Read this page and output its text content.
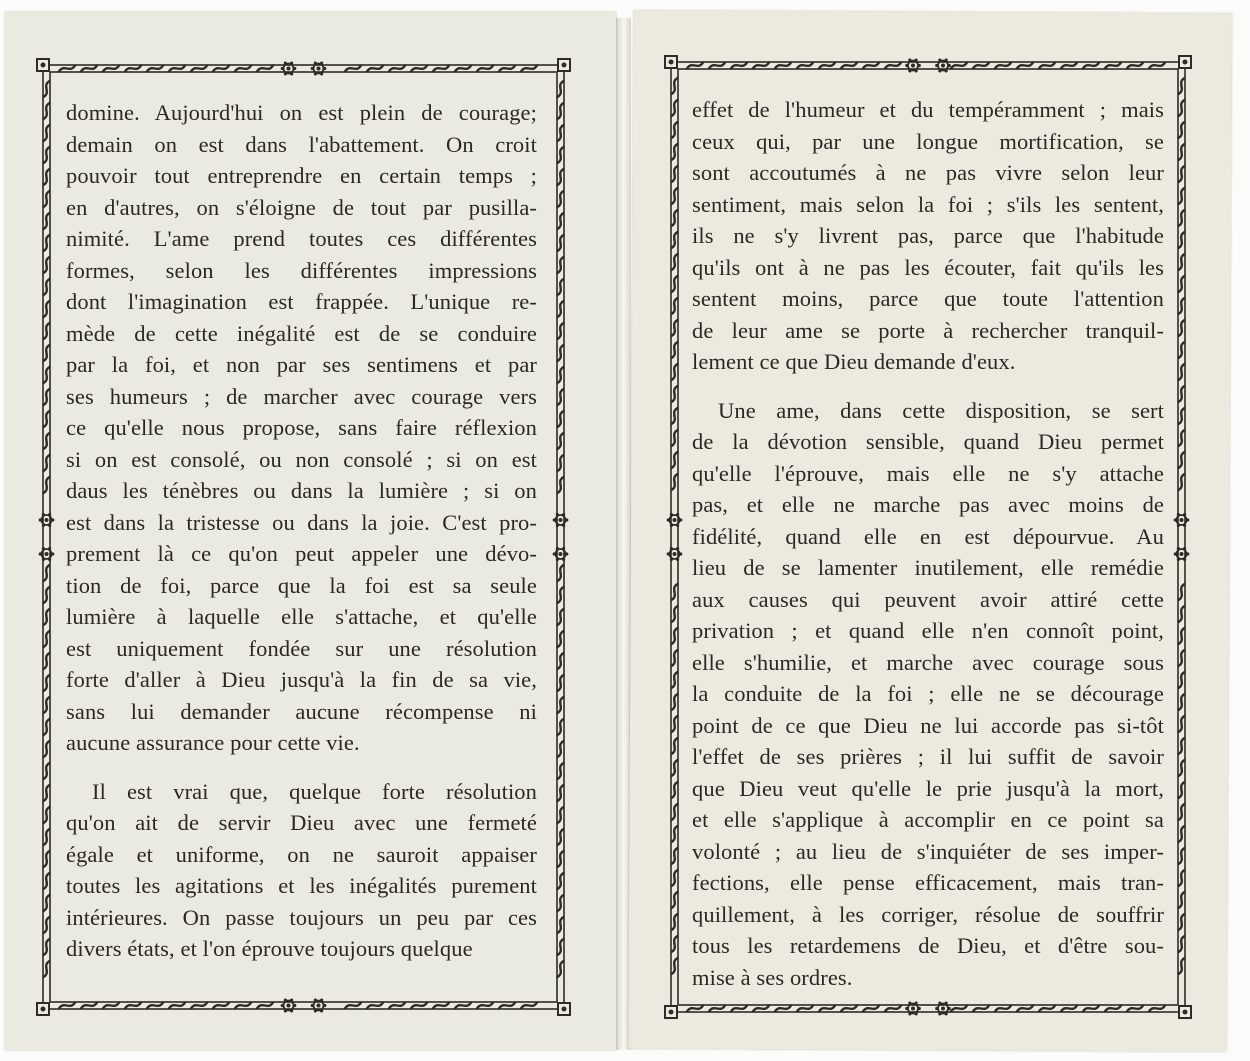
domine. Aujourd'hui on est plein de courage;
demain on est dans l'abattement. On croit
pouvoir tout entreprendre en certain temps ;
en d'autres, on s'éloigne de tout par pusilla-
nimité. L'ame prend toutes ces différentes
formes, selon les différentes impressions
dont l'imagination est frappée. L'unique re-
mède de cette inégalité est de se conduire
par la foi, et non par ses sentimens et par
ses humeurs ; de marcher avec courage vers
ce qu'elle nous propose, sans faire réflexion
si on est consolé, ou non consolé ; si on est
daus les ténèbres ou dans la lumière ; si on
est dans la tristesse ou dans la joie. C'est pro-
prement là ce qu'on peut appeler une dévo-
tion de foi, parce que la foi est sa seule
lumière à laquelle elle s'attache, et qu'elle
est uniquement fondée sur une résolution
forte d'aller à Dieu jusqu'à la fin de sa vie,
sans lui demander aucune récompense ni
aucune assurance pour cette vie.
Il est vrai que, quelque forte résolution
qu'on ait de servir Dieu avec une fermeté
égale et uniforme, on ne sauroit appaiser
toutes les agitations et les inégalités purement
intérieures. On passe toujours un peu par ces
divers états, et l'on éprouve toujours quelque
effet de l'humeur et du tempéramment ; mais
ceux qui, par une longue mortification, se
sont accoutumés à ne pas vivre selon leur
sentiment, mais selon la foi ; s'ils les sentent,
ils ne s'y livrent pas, parce que l'habitude
qu'ils ont à ne pas les écouter, fait qu'ils les
sentent moins, parce que toute l'attention
de leur ame se porte à rechercher tranquil-
lement ce que Dieu demande d'eux.
Une ame, dans cette disposition, se sert
de la dévotion sensible, quand Dieu permet
qu'elle l'éprouve, mais elle ne s'y attache
pas, et elle ne marche pas avec moins de
fidélité, quand elle en est dépourvue. Au
lieu de se lamenter inutilement, elle remédie
aux causes qui peuvent avoir attiré cette
privation ; et quand elle n'en connoît point,
elle s'humilie, et marche avec courage sous
la conduite de la foi ; elle ne se décourage
point de ce que Dieu ne lui accorde pas si-tôt
l'effet de ses prières ; il lui suffit de savoir
que Dieu veut qu'elle le prie jusqu'à la mort,
et elle s'applique à accomplir en ce point sa
volonté ; au lieu de s'inquiéter de ses imper-
fections, elle pense efficacement, mais tran-
quillement, à les corriger, résolue de souffrir
tous les retardemens de Dieu, et d'être sou-
mise à ses ordres.
